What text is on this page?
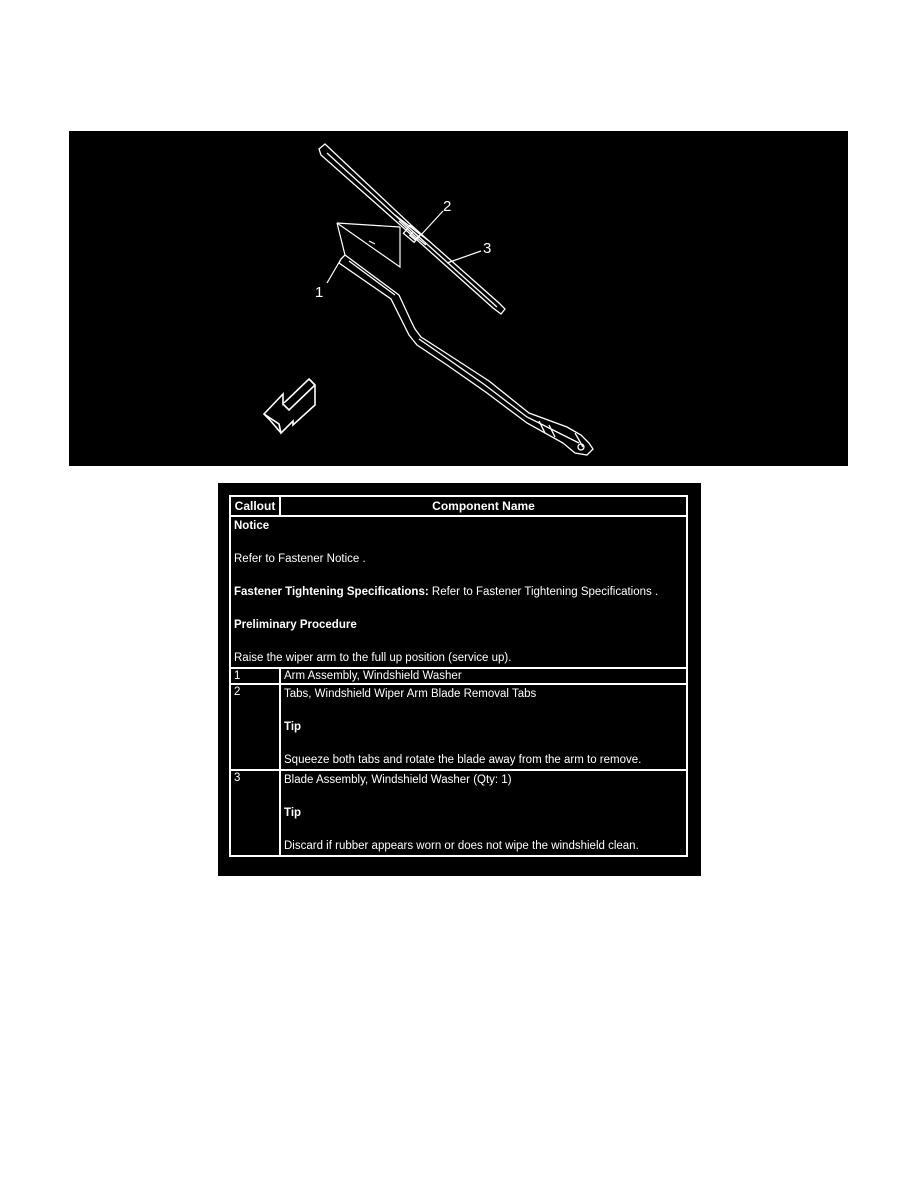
1
2
3
Callout	Component Name

Notice

Refer to Fastener Notice .

Fastener Tightening Specifications: Refer to Fastener Tightening Specifications .

Preliminary Procedure

Raise the wiper arm to the full up position (service up).	

1	Arm Assembly, Windshield Washer
2	Tabs, Windshield Wiper Arm Blade Removal Tabs

Tip

Squeeze both tabs and rotate the blade away from the arm to remove.

3	Blade Assembly, Windshield Washer (Qty: 1)

Tip

Discard if rubber appears worn or does not wipe the windshield clean.
